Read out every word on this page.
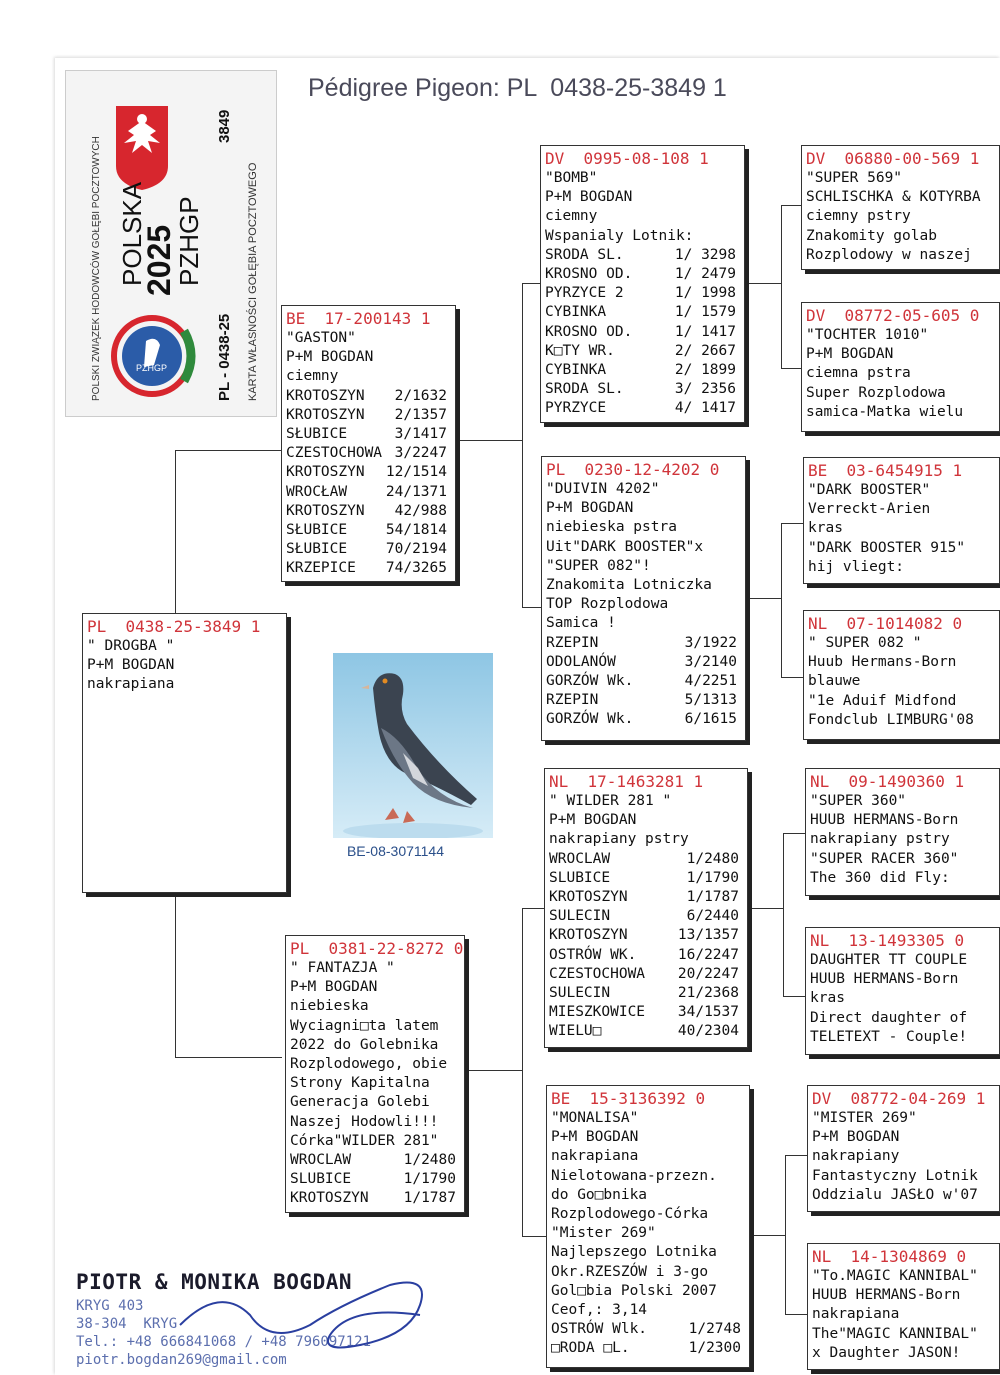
Pédigree Pigeon: PL  0438-25-3849 1
POLSKI ZWIĄZEK HODOWCÓW GOŁĘBI POCZTOWYCH POLSKA
2025
PZHGP
3849
PZHGP	PL - 0438-25 KARTA WŁASNOŚCI GOŁĘBIA POCZTOWEGO
BE-08-3071144
PL  0438-25-3849 1
" DROGBA "
P+M BOGDAN
nakrapiana
BE  17-200143 1
"GASTON"
P+M BOGDAN
ciemny
KROTOSZYN	2/1632
KROTOSZYN	2/1357
SŁUBICE	3/1417
CZESTOCHOWA 3/2247
KROTOSZYN	12/1514
WROCŁAW	24/1371
KROTOSZYN	42/988
SŁUBICE	54/1814
SŁUBICE	70/2194
KRZEPICE	74/3265
PL  0381-22-8272 0
" FANTAZJA "
P+M BOGDAN
niebieska
Wyciagni□ta latem
2022 do Golebnika
Rozplodowego, obie
Strony Kapitalna
Generacja Golebi
Naszej Hodowli!!!
Córka"WILDER 281"
WROCLAW	1/2480
SLUBICE	1/1790
KROTOSZYN	1/1787
DV  0995-08-108 1
"BOMB"
P+M BOGDAN
ciemny
Wspanialy Lotnik:
SRODA SL.	1/ 3298
KROSNO OD.	1/ 2479
PYRZYCE 2	1/ 1998
CYBINKA	1/ 1579
KROSNO OD.	1/ 1417
K□TY WR.	2/ 2667
CYBINKA	2/ 1899
SRODA SL.	3/ 2356
PYRZYCE	4/ 1417
PL  0230-12-4202 0
"DUIVIN 4202"
P+M BOGDAN
niebieska pstra
Uit"DARK BOOSTER"x
"SUPER 082"!
Znakomita Lotniczka
TOP Rozplodowa
Samica !
RZEPIN	3/1922
ODOLANÓW	3/2140
GORZÓW Wk.	4/2251
RZEPIN	5/1313
GORZÓW Wk.	6/1615
NL  17-1463281 1
" WILDER 281 "
P+M BOGDAN
nakrapiany pstry
WROCLAW	1/2480
SLUBICE	1/1790
KROTOSZYN	1/1787
SULECIN	6/2440
KROTOSZYN	13/1357
OSTRÓW WK.	16/2247
CZESTOCHOWA	20/2247
SULECIN	21/2368
MIESZKOWICE	34/1537
WIELU□	40/2304
BE  15-3136392 0
"MONALISA"
P+M BOGDAN
nakrapiana
Nielotowana-przezn.
do Go□bnika
Rozplodowego-Córka
"Mister 269"
Najlepszego Lotnika
Okr.RZESZÓW i 3-go
Gol□bia Polski 2007
Ceof,: 3,14
OSTRÓW Wlk.	1/2748
□RODA □L.	1/2300
DV  06880-00-569 1
"SUPER 569"
SCHLISCHKA & KOTYRBA
ciemny pstry
Znakomity golab
Rozplodowy w naszej
DV  08772-05-605 0
"TOCHTER 1010"
P+M BOGDAN
ciemna pstra
Super Rozplodowa
samica-Matka wielu
BE  03-6454915 1
"DARK BOOSTER"
Verreckt-Arien
kras
"DARK BOOSTER 915"
hij vliegt:
NL  07-1014082 0
" SUPER 082 "
Huub Hermans-Born
blauwe
"1e Aduif Midfond
Fondclub LIMBURG'08
NL  09-1490360 1
"SUPER 360"
HUUB HERMANS-Born
nakrapiany pstry
"SUPER RACER 360"
The 360 did Fly:
NL  13-1493305 0
DAUGHTER TT COUPLE
HUUB HERMANS-Born
kras
Direct daughter of
TELETEXT - Couple!
DV  08772-04-269 1
"MISTER 269"
P+M BOGDAN
nakrapiany
Fantastyczny Lotnik
Oddzialu JASŁO w'07
NL  14-1304869 0
"To.MAGIC KANNIBAL"
HUUB HERMANS-Born
nakrapiana
The"MAGIC KANNIBAL"
x Daughter JASON!
PIOTR & MONIKA BOGDAN
KRYG 403
38-304  KRYG
Tel.: +48 666841068 / +48 796097121
piotr.bogdan269@gmail.com
